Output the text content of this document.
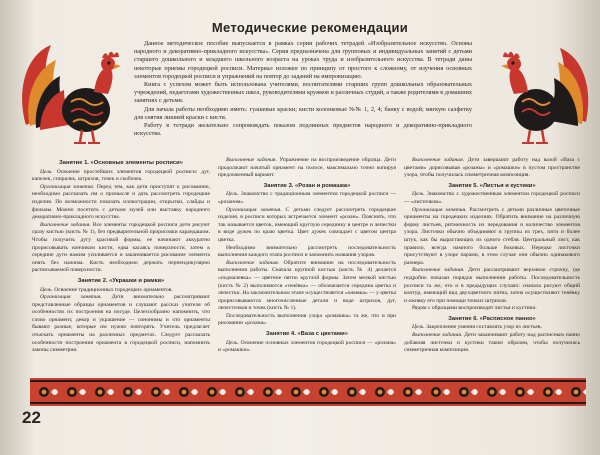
Методические рекомендации

Данное методическое пособие выпускается в рамках серии рабочих тетрадей «Изобразительное искусство. Основы народного и декоративно-прикладного искусства». Серия предназначена для групповых и индивидуальных занятий с детьми старшего дошкольного и младшего школьного возраста на уроках труда и изобразительного искусства. В тетради даны некоторые приемы городецкой росписи. Материал изложен по принципу от простого к сложному, от изучения основных элементов городецкой росписи и упражнений на повтор до заданий на импровизацию.

Книга с успехом может быть использована учителями, воспитателями старших групп дошкольных образовательных учреждений, педагогами художественных школ, руководителями кружков и различных студий, а также родителями в домашних занятиях с детьми.

Для начала работы необходимо иметь: гуашевые краски; кисти колонковые №№ 1, 2, 4; банку с водой; мягкую салфетку для снятия лишней краски с кисти.

Работу в тетради желательно сопровождать показом подлинных предметов народного и декоративно-прикладного искусства.

Занятие 1. «Основные элементы росписи»

Цель. Освоение простейших элементов городецкой росписи: дуг, капелек, спиралек, штрихов, точек и скобочек.

Организация занятия. Перед тем, как дети приступят к рисованию, необходимо рассказать им о промысле и дать рассмотреть городецкие изделия. По возможности показать иллюстрации, открытки, слайды и фильмы. Можно посетить с детьми музей или выставку народного декоративно-прикладного искусства.

Выполнение задания. Все элементы городецкой росписи дети рисуют сразу кистью (кисть № 1), без предварительной прорисовки карандашом. Чтобы получить дугу красивой формы, ее начинают аккуратно прорисовывать кончиком кисти, едва касаясь поверхности, затем к середине дуги нажим усиливается и заканчивается рисование элемента опять без нажима. Кисть необходимо держать перпендикулярно расписываемой поверхности.

Занятие 2. «Украшки и рамки»

Цель. Освоение традиционных городецких орнаментов.

Организация занятия. Дети внимательно рассматривают представленные образцы орнаментов и слушают рассказ учителя об особенностях их построения на посуде. Целесообразно напомнить, что слово орнамент, декор и украшение — синонимы и что орнаменты бывают разные, которые им нужно повторять. Учитель предлагает отыскать орнаменты на различных предметах. Следует рассказать особенности построения орнамента в городецкой росписи, напомнить законы симметрии.

Выполнение задания. Упражнение на воспроизведение образца. Дети продолжают начатый орнамент на полосе, максимально точно копируя предложенный вариант.

Занятие 3. «Розан и ромашка»

Цель. Знакомство с традиционным элементом городецкой росписи — «розаном».

Организация занятия. С детьми следует рассмотреть городецкие изделия, в росписи которых встречается элемент «розан». Пояснить, что так называется цветок, имеющий круглую серединку в центре и лепестки в виде дужек по краю цветка. Цвет дужек совпадает с цветом центра цветка.

Необходимо внимательно рассмотреть последовательность выполнения каждого этапа росписи и запомнить названия узоров.

Выполнение задания. Обратите внимание на последовательность выполнения работы. Сначала крупной кистью (кисть № 4) делается «подмалевка» — цветное пятно круглой формы. Затем мелкой кистью (кисть № 2) выполняются «тенёвка» — обозначается середина цветка и лепестки. На заключительном этапе осуществляется «оживка» — у цветка прорисовываются многочисленные детали и виде штрихов, дуг, лепесточков и точек (кисть № 1).

Последовательность выполнения узора «ромашка» та же, что и при рисовании «розана».

Занятие 4. «Ваза с цветами»

Цель. Освоение основных элементов городецкой росписи — «розана» и «ромашки».

Выполнение задания. Дети завершают работу над вазой «Ваза с цветами» дорисовывая «розаны» и «ромашки» в пустом пространстве узора, чтобы получилась симметричная композиция.

Занятие 5. «Листья и кустики»

Цель. Знакомство с художественным элементом городецкой росписи — «листочком».

Организация занятия. Рассмотреть с детьми различные цветочные орнаменты на городецких изделиях. Обратить внимание на различную форму листьев, ритмичность их чередования и количество элементов узора. Листочки обычно объединяют в группы из трех, пяти и более штук, как бы вырастающих из одного стебля. Центральный лист, как правило, всегда намного больше боковых. Нередко листочки присутствуют в узоре парами, в этом случае они обычно одинакового размера.

Выполнение задания. Дети рассматривают верхнюю строчку, где подробно показан порядок выполнения работы. Последовательность росписи та же, что и в предыдущих случаях: сначала рисуют общий контур, имеющий вид двухцветного пятна, затем осуществляют тенёвку и оживку его при помощи тонких штрихов.

Рядом с образцами воспроизводят листья и кустики.

Занятие 6. «Расписное панно»

Цель. Закрепление умения составлять узор из листьев.

Выполнение задания. Дети заканчивают работу над расписным панно добавляя листочки и кустики таким образом, чтобы получилась симметричная композиция.

22
